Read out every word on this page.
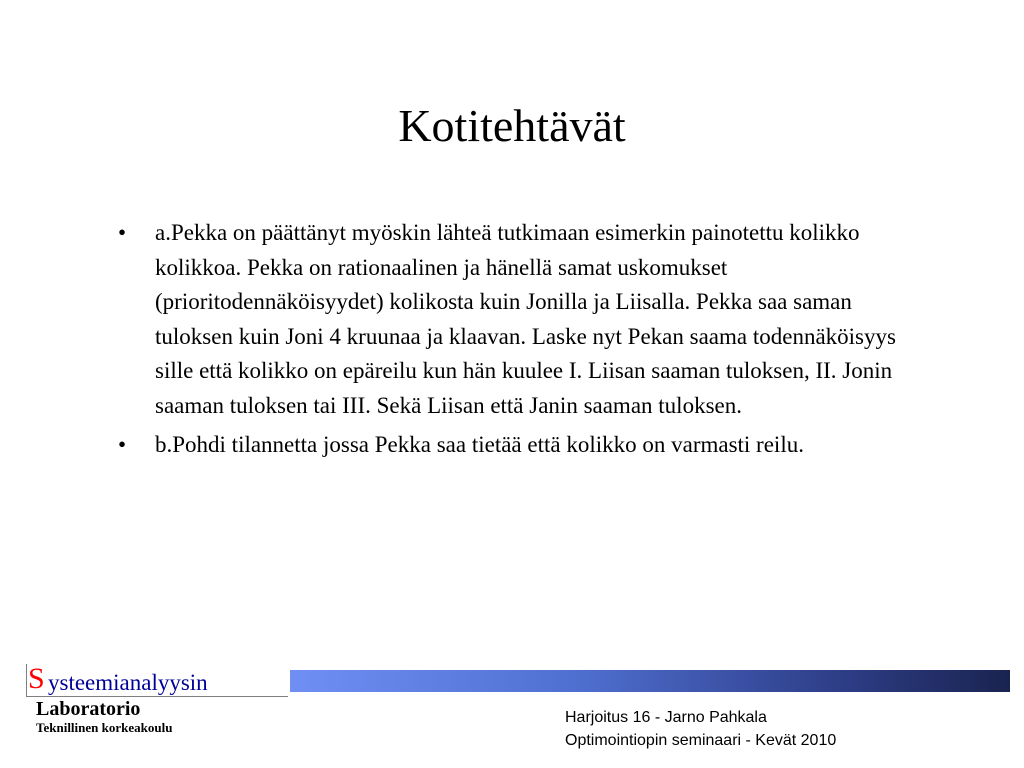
Kotitehtävät
• a.Pekka on päättänyt myöskin lähteä tutkimaan esimerkin painotettu kolikko kolikkoa. Pekka on rationaalinen ja hänellä samat uskomukset (prioritodennäköisyydet) kolikosta kuin Jonilla ja Liisalla. Pekka saa saman tuloksen kuin Joni 4 kruunaa ja klaavan. Laske nyt Pekan saama todennäköisyys sille että kolikko on epäreilu kun hän kuulee I. Liisan saaman tuloksen, II. Jonin saaman tuloksen tai III. Sekä Liisan että Janin saaman tuloksen.
• b.Pohdi tilannetta jossa Pekka saa tietää että kolikko on varmasti reilu.
S ysteemianalyysin
Laboratorio
Teknillinen korkeakoulu
Harjoitus 16 - Jarno Pahkala
Optimointiopin seminaari - Kevät 2010
